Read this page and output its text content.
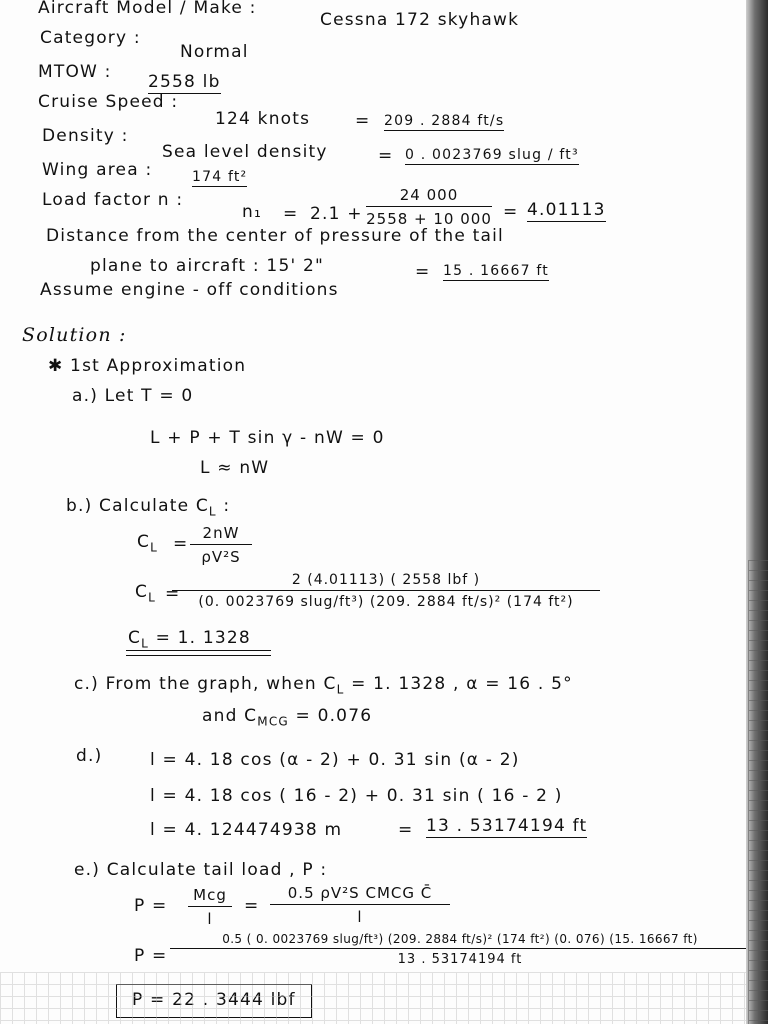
Aircraft Model / Make :
Cessna 172 skyhawk
Category :
Normal
MTOW : 2558 lb
Cruise Speed :
124 knots	= 209 . 2884 ft/s
Density :
Sea level density	= 0 . 0023769 slug / ft³
Wing area :	174 ft²
Load factor n :
$n_1 = 2.1 + \frac{24 000}{2558 + 10 000} = 4.01113$
Distance from the center of pressure of the tail
plane to aircraft : 15' 2"	= 15 . 16667 ft
Assume engine - off conditions
Solution :
✱ 1st Approximation
a.) Let T = 0
L + P + T sin γ - nW = 0
L ≈ nW
b.) Calculate $C_L$ :
$C_L = \frac{2nW}{\text{ρV²S}}$
$C_L$ =
2 (4.01113) ( 2558 lbf )
(0. 0023769 slug/ft³) (209. 2884 ft/s)² (174 ft²)
$C_L = 1$. 1328
c.) From the graph, when $C_L = 1$. 1328 , α = 16 . 5°
and $C_{MCG} = 0.076$
d.)	l = 4. 18 cos (α - 2) + 0. 31 sin (α - 2)
l = 4. 18 cos ( 16 - 2) + 0. 31 sin ( 16 - 2 )
l = 4. 124474938 m	= 13 . 53174194 ft
e.) Calculate tail load , P :
P =
Mcg
l
=
0.5 ρV²S CMCG C̄
l
P =
0.5 ( 0. 0023769 slug/ft³) (209. 2884 ft/s)² (174 ft²) (0. 076) (15. 16667 ft)
13 . 53174194 ft
P = 22 . 3444 lbf
